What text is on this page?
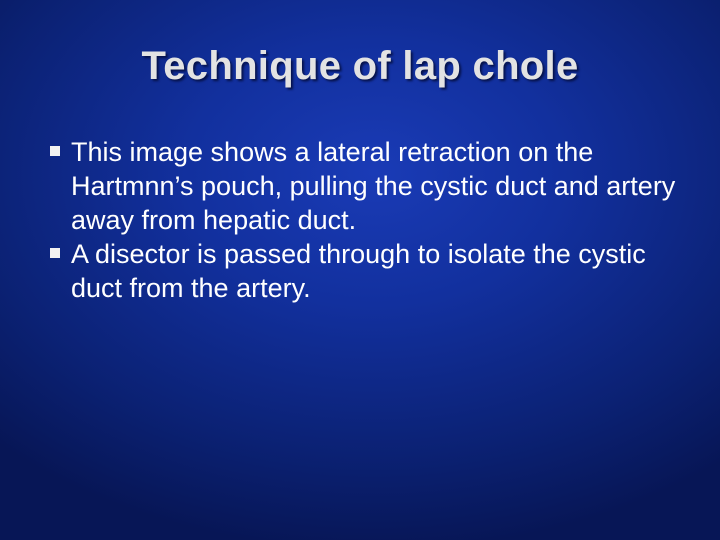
Technique of lap chole
This image shows a lateral retraction on the Hartmnn’s pouch, pulling the cystic duct and artery away from hepatic duct.
A disector is passed through to isolate the cystic duct from the artery.
